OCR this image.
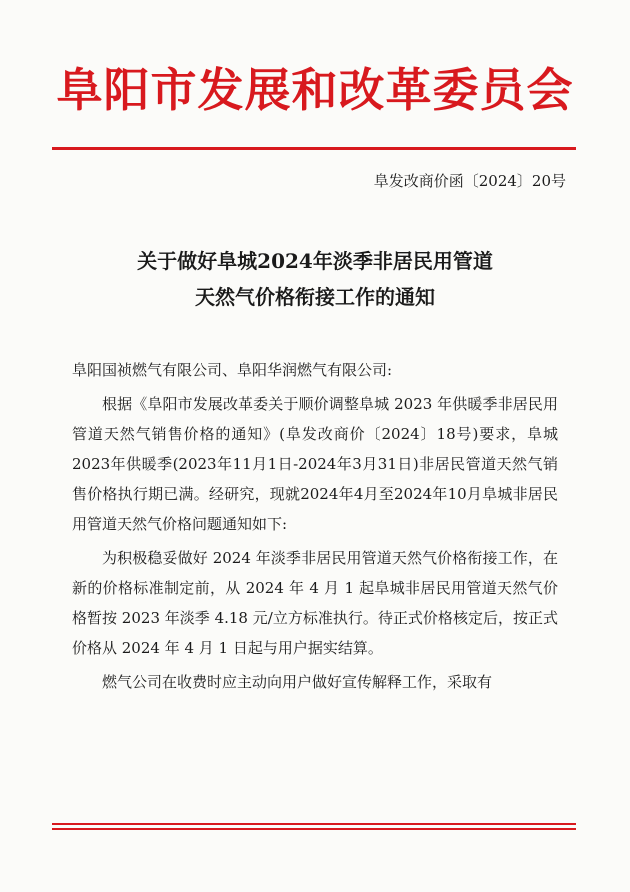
阜阳市发展和改革委员会
阜发改商价函〔2024〕20号
关于做好阜城2024年淡季非居民用管道
天然气价格衔接工作的通知

阜阳国祯燃气有限公司、阜阳华润燃气有限公司:

根据《阜阳市发展改革委关于顺价调整阜城 2023 年供暖季非居民用管道天然气销售价格的通知》(阜发改商价〔2024〕18号)要求，阜城2023年供暖季(2023年11月1日-2024年3月31日)非居民管道天然气销售价格执行期已满。经研究，现就2024年4月至2024年10月阜城非居民用管道天然气价格问题通知如下:

为积极稳妥做好 2024 年淡季非居民用管道天然气价格衔接工作，在新的价格标准制定前，从 2024 年 4 月 1 起阜城非居民用管道天然气价格暂按 2023 年淡季 4.18 元/立方标准执行。待正式价格核定后，按正式价格从 2024 年 4 月 1 日起与用户据实结算。

燃气公司在收费时应主动向用户做好宣传解释工作，采取有
